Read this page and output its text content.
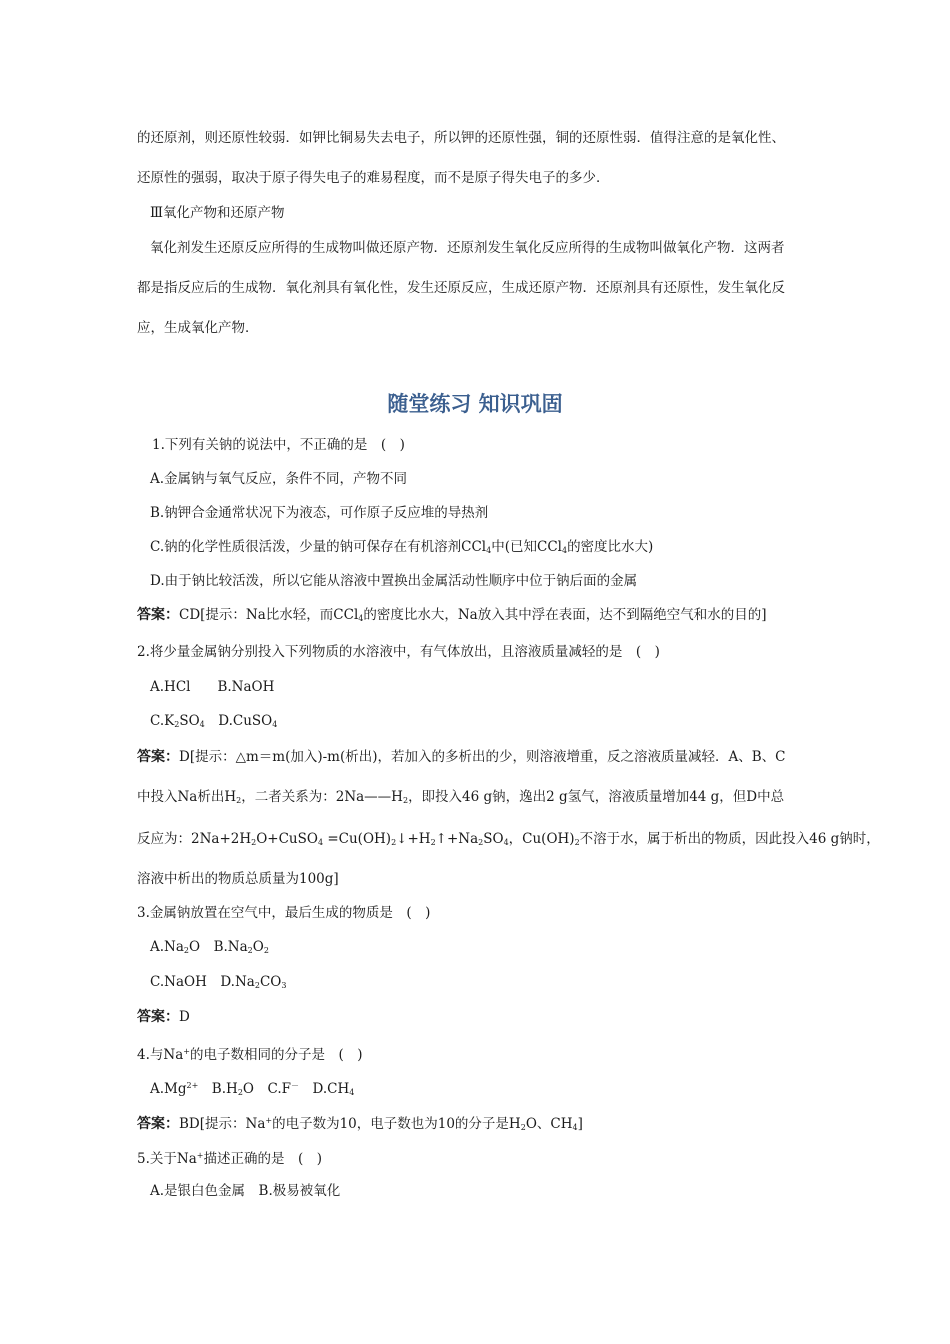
的还原剂，则还原性较弱．如钾比铜易失去电子，所以钾的还原性强，铜的还原性弱．值得注意的是氧化性、
还原性的强弱，取决于原子得失电子的难易程度，而不是原子得失电子的多少．
Ⅲ氧化产物和还原产物
氧化剂发生还原反应所得的生成物叫做还原产物．还原剂发生氧化反应所得的生成物叫做氧化产物．这两者
都是指反应后的生成物．氧化剂具有氧化性，发生还原反应，生成还原产物．还原剂具有还原性，发生氧化反
应，生成氧化产物．
随堂练习 知识巩固
1.下列有关钠的说法中，不正确的是　(　)
A.金属钠与氧气反应，条件不同，产物不同
B.钠钾合金通常状况下为液态，可作原子反应堆的导热剂
C.钠的化学性质很活泼，少量的钠可保存在有机溶剂CCl$_4$中(已知CCl$_4$的密度比水大)
D.由于钠比较活泼，所以它能从溶液中置换出金属活动性顺序中位于钠后面的金属
答案：CD[提示：Na比水轻，而CCl$_4$的密度比水大，Na放入其中浮在表面，达不到隔绝空气和水的目的]
2.将少量金属钠分别投入下列物质的水溶液中，有气体放出，且溶液质量减轻的是　(　)
A.HCl　　B.NaOH
$C.K_2SO_4$　D.CuSO$_4$
答案：D[提示：△m＝m(加入)-m(析出)，若加入的多析出的少，则溶液增重，反之溶液质量减轻．A、B、C
中投入Na析出$H_2$，二者关系为：$2Na——H_2$，即投入46 g钠，逸出2 g氢气，溶液质量增加44 g，但D中总
反应为：$2Na+2H_2O+CuSO_4$ $=Cu(OH)_2↓+H_2↑+Na_2SO_4$，$Cu(OH)_2$不溶于水，属于析出的物质，因此投入46 g钠时，
溶液中析出的物质总质量为100g]
3.金属钠放置在空气中，最后生成的物质是　(　)
$A.Na_2O$　$B.Na_2O_2$
C.NaOH　$D.Na_2CO_3$
答案：D
4.与Na+的电子数相同的分子是　(　)
$A.Mg^{2+}$　$B.H_2O$　C.F－　$D.CH_4$
答案：BD[提示：Na+的电子数为10，电子数也为10的分子是$H_2O$、$CH_4$]
5.关于Na+描述正确的是　(　)
A.是银白色金属　B.极易被氧化
